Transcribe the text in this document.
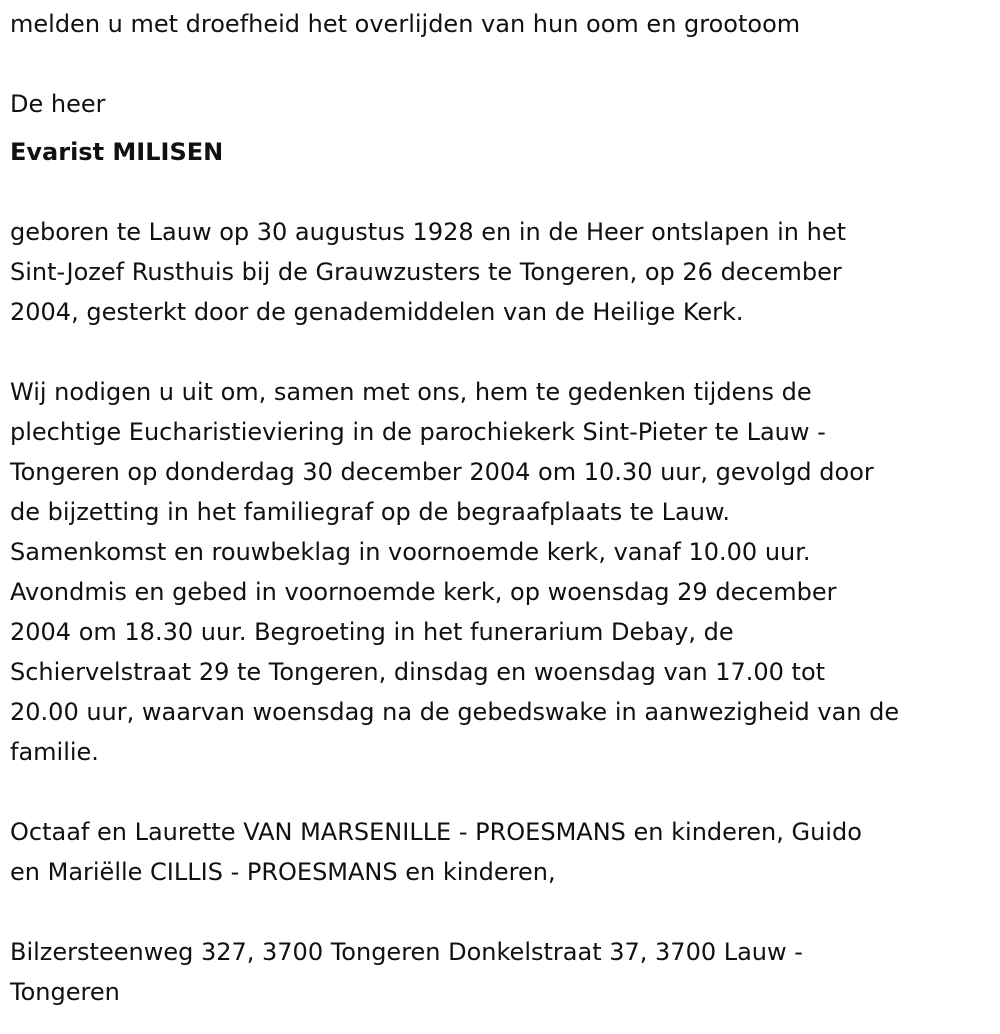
melden u met droefheid het overlijden van hun oom en grootoom

De heer

Evarist MILISEN

geboren te Lauw op 30 augustus 1928 en in de Heer ontslapen in het

Sint-Jozef Rusthuis bij de Grauwzusters te Tongeren, op 26 december

2004, gesterkt door de genademiddelen van de Heilige Kerk.

Wij nodigen u uit om, samen met ons, hem te gedenken tijdens de

plechtige Eucharistieviering in de parochiekerk Sint-Pieter te Lauw -

Tongeren op donderdag 30 december 2004 om 10.30 uur, gevolgd door

de bijzetting in het familiegraf op de begraafplaats te Lauw.

Samenkomst en rouwbeklag in voornoemde kerk, vanaf 10.00 uur.

Avondmis en gebed in voornoemde kerk, op woensdag 29 december

2004 om 18.30 uur. Begroeting in het funerarium Debay, de

Schiervelstraat 29 te Tongeren, dinsdag en woensdag van 17.00 tot

20.00 uur, waarvan woensdag na de gebedswake in aanwezigheid van de

familie.

Octaaf en Laurette VAN MARSENILLE - PROESMANS en kinderen, Guido

en Mariëlle CILLIS - PROESMANS en kinderen,

Bilzersteenweg 327, 3700 Tongeren Donkelstraat 37, 3700 Lauw -

Tongeren
